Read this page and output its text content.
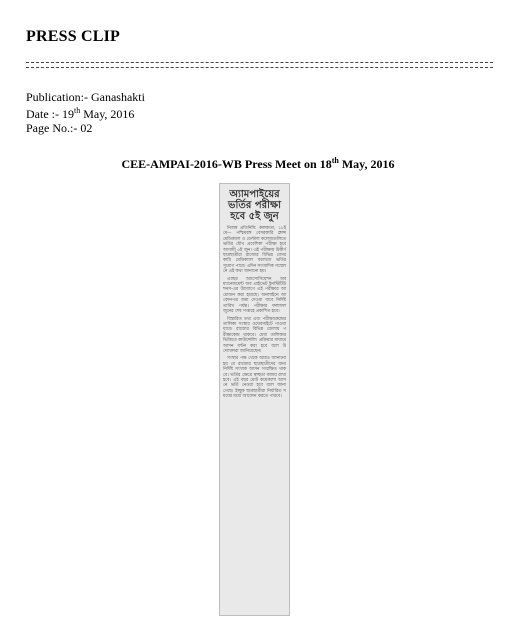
PRESS CLIP
Publication:- Ganashakti
Date :- 19th May, 2016
Page No.:- 02
CEE-AMPAI-2016-WB Press Meet on 18th May, 2016
অ্যামপাইয়ের ভর্তির পরীক্ষা হবে ৫ই জুন

নিজস্ব প্রতিনিধি: কলকাতা, ১৮ই মে— পশ্চিমবঙ্গ বেসরকারি ক্লান্স মেডিক্যাল ও ডেন্টাল কলেজগুলিতে ভর্তির যৌথ প্রবেশিকা পরীক্ষা হবে আগামী ৫ই জুন। এই পরীক্ষায় উত্তীর্ণ ছাত্রছাত্রীরা রাজ্যের বিভিন্ন বেসরকারি মেডিক্যাল কলেজে ভর্তির সুযোগ পাবে। এদিন সাংবাদিক সম্মেলনে এই কথা জানানো হয়।

এবছর অ্যাসোসিয়েশন অব ম্যানেজমেন্ট অব প্রাইভেট ইনস্টিটিউশনস-এর উদ্যোগে এই পরীক্ষার আয়োজন করা হয়েছে। অনলাইনে আবেদনপত্র জমা দেওয়া যাবে নির্দিষ্ট তারিখ পর্যন্ত। পরীক্ষার ফলাফল জুনের শেষ সপ্তাহে প্রকাশিত হবে।

বিস্তারিত তথ্য এবং পরীক্ষাকেন্দ্রের তালিকা সংস্থার ওয়েবসাইটে পাওয়া যাবে। রাজ্যের বিভিন্ন জেলায় পরীক্ষাকেন্দ্র থাকবে। মেধা তালিকার ভিত্তিতে কাউন্সেলিং প্রক্রিয়ার মাধ্যমে আসন বণ্টন করা হবে বলে উদ্যোক্তারা জানিয়েছেন।

সংস্থার পক্ষ থেকে আরও জানানো হয় যে রাজ্যের ছাত্রছাত্রীদের জন্য নির্দিষ্ট সংখ্যক আসন সংরক্ষিত থাকবে। ভর্তির ক্ষেত্রে স্বচ্ছতা বজায় রাখা হবে। এই বছর মোট কয়েকশো আসনে ভর্তি নেওয়া হবে বলে জানা গেছে। ইচ্ছুক ছাত্রছাত্রীরা নির্ধারিত সময়ের মধ্যে আবেদন করতে পারবে।
